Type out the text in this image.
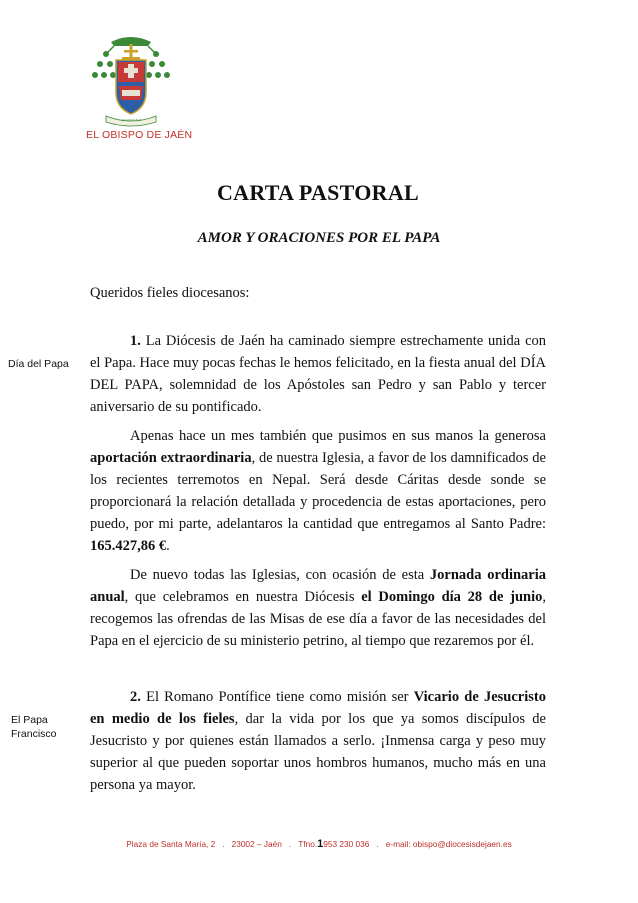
IN MANU TUA
EL OBISPO DE JAÉN
CARTA PASTORAL
AMOR Y ORACIONES POR EL PAPA
Queridos fieles diocesanos:
Día del Papa

1. La Diócesis de Jaén ha caminado siempre estrechamente unida con el Papa. Hace muy pocas fechas le hemos felicitado, en la fiesta anual del DÍA DEL PAPA, solemnidad de los Apóstoles san Pedro y san Pablo y tercer aniversario de su pontificado.

Apenas hace un mes también que pusimos en sus manos la generosa aportación extraordinaria, de nuestra Iglesia, a favor de los damnificados de los recientes terremotos en Nepal. Será desde Cáritas desde sonde se proporcionará la relación detallada y procedencia de estas aportaciones, pero puedo, por mi parte, adelantaros la cantidad que entregamos al Santo Padre: 165.427,86 €.

De nuevo todas las Iglesias, con ocasión de esta Jornada ordinaria anual, que celebramos en nuestra Diócesis el Domingo día 28 de junio, recogemos las ofrendas de las Misas de ese día a favor de las necesidades del Papa en el ejercicio de su ministerio petrino, al tiempo que rezaremos por él.

El Papa
Francisco

2. El Romano Pontífice tiene como misión ser Vicario de Jesucristo en medio de los fieles, dar la vida por los que ya somos discípulos de Jesucristo y por quienes están llamados a serlo. ¡Inmensa carga y peso muy superior al que pueden soportar unos hombros humanos, mucho más en una persona ya mayor.

Plaza de Santa María, 2 . 23002 – Jaén . Tfno.1953 230 036 . e-mail: obispo@diocesisdejaen.es
